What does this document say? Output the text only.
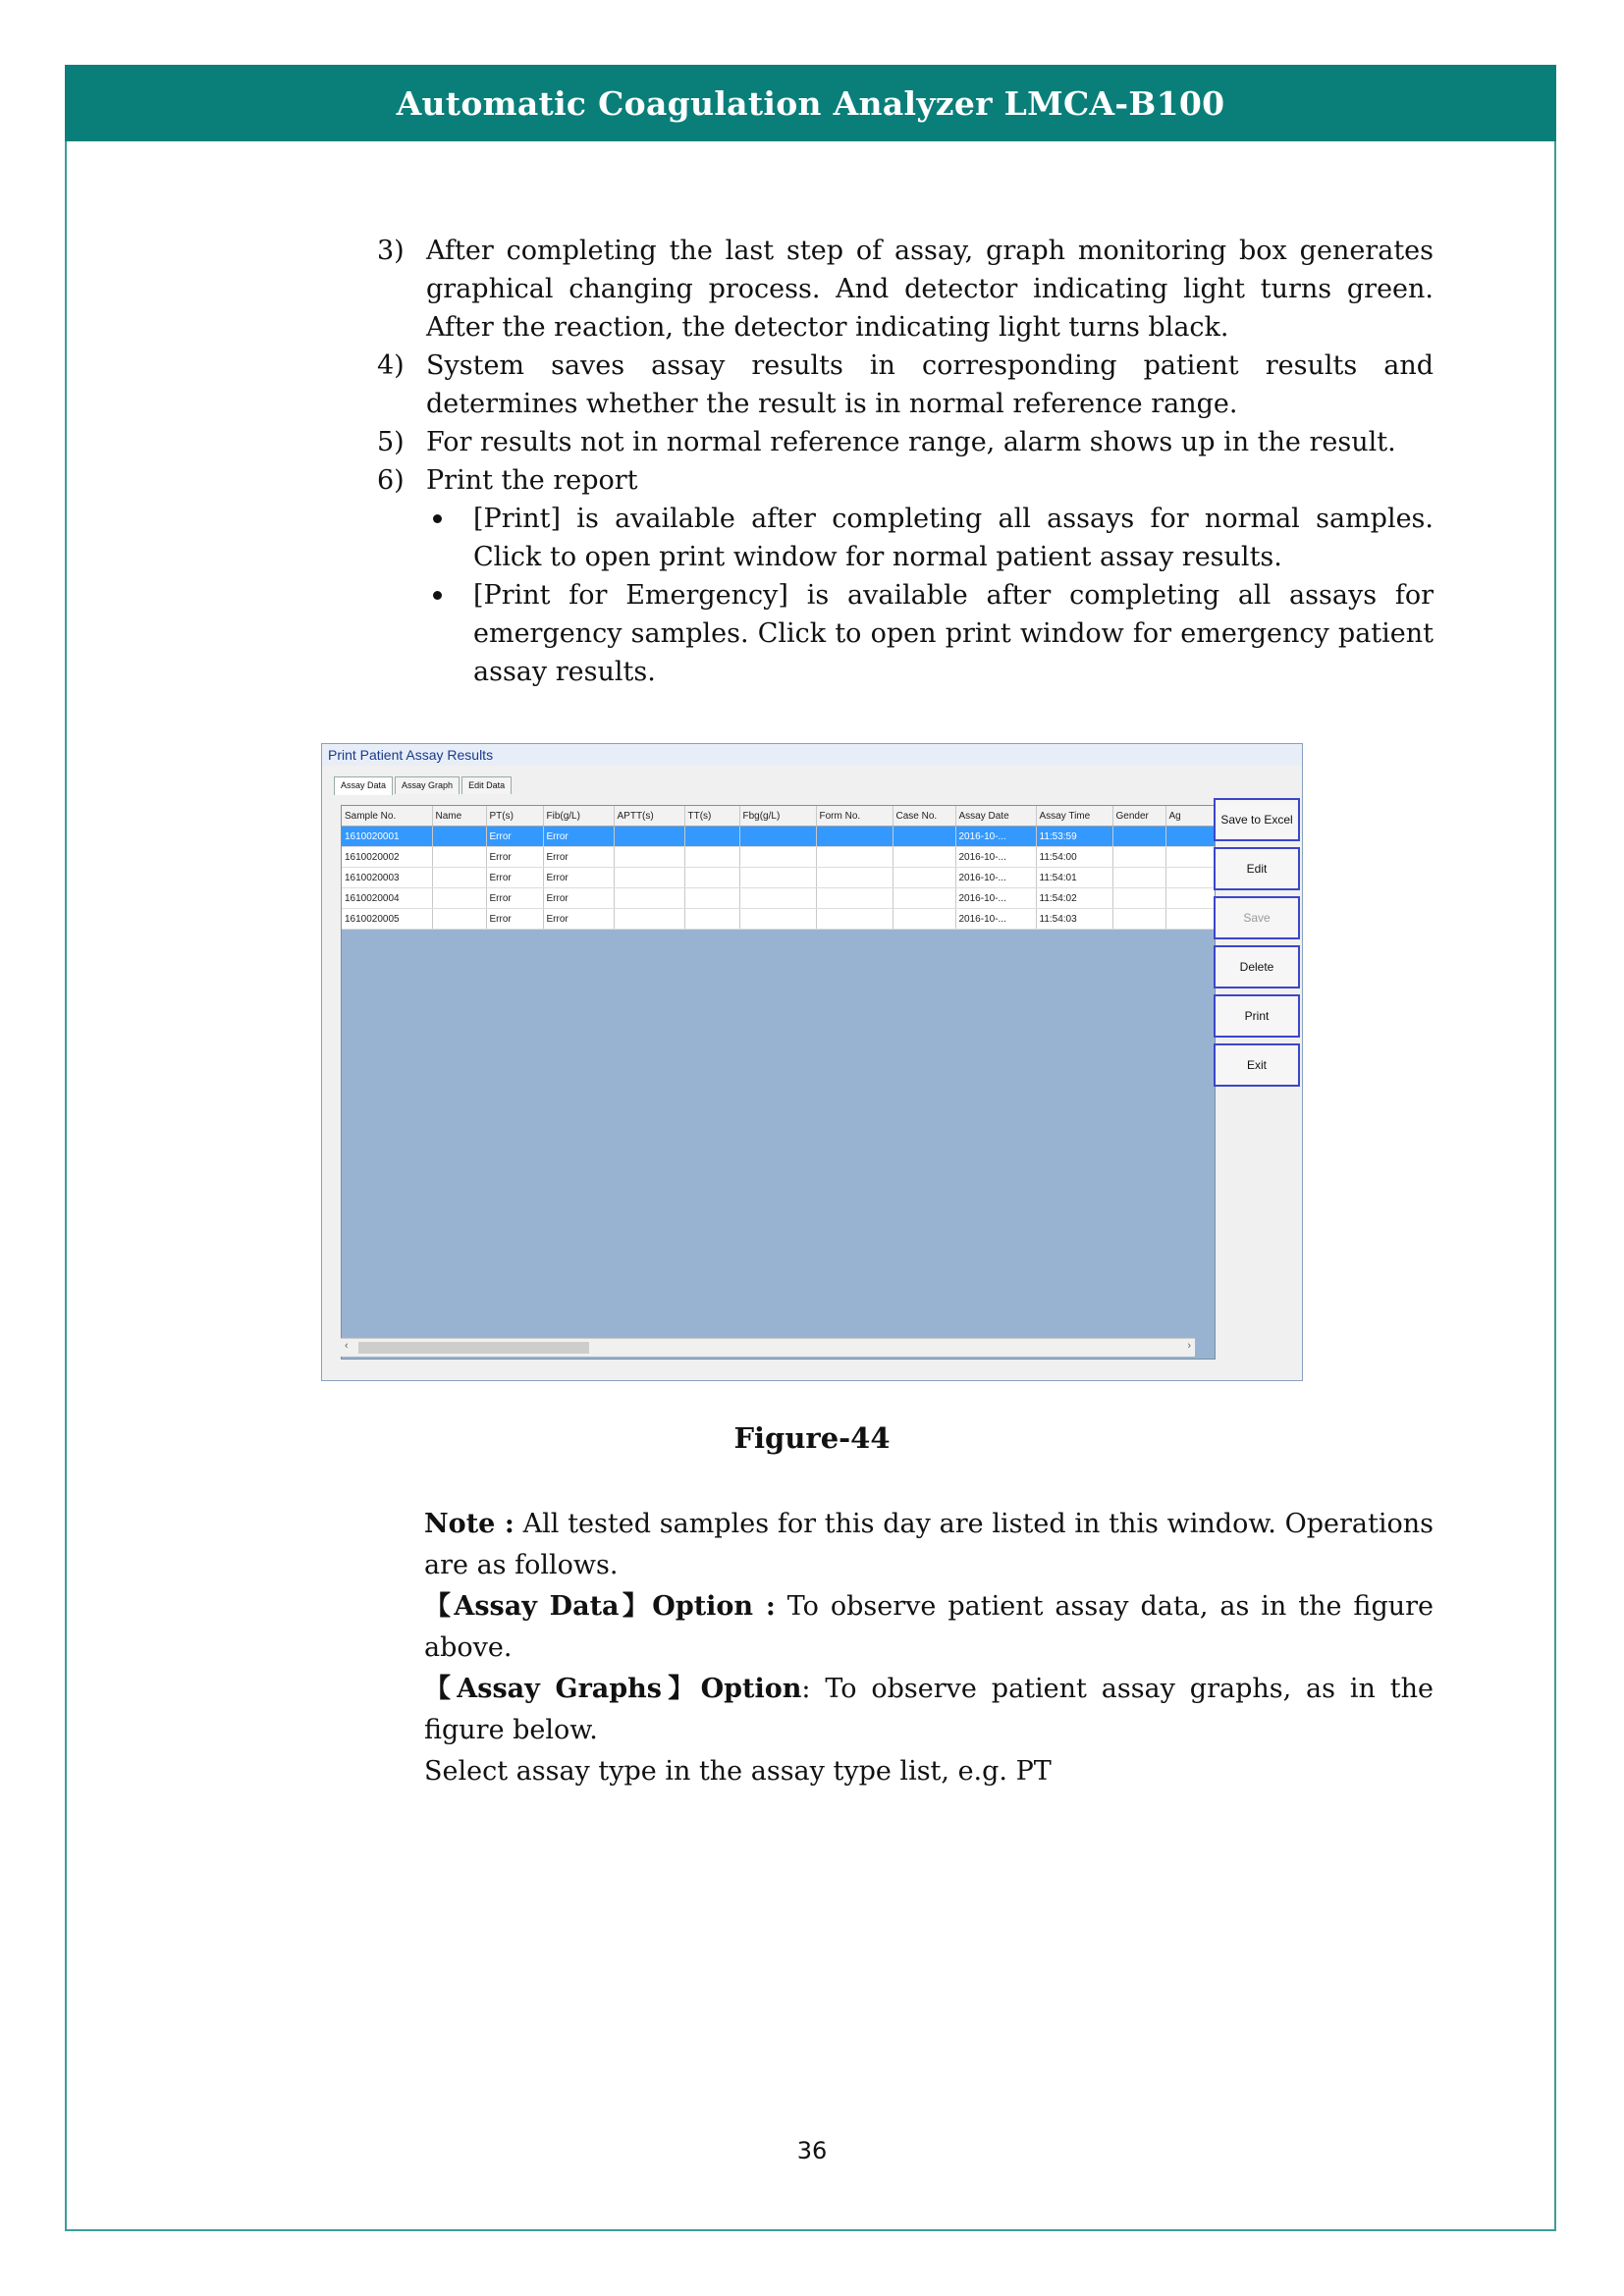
Automatic Coagulation Analyzer LMCA-B100
3) After completing the last step of assay, graph monitoring box generates graphical changing process. And detector indicating light turns green. After the reaction, the detector indicating light turns black.
4) System saves assay results in corresponding patient results and determines whether the result is in normal reference range.
5) For results not in normal reference range, alarm shows up in the result.
6) Print the report
[Print] is available after completing all assays for normal samples. Click to open print window for normal patient assay results.
[Print for Emergency] is available after completing all assays for emergency samples. Click to open print window for emergency patient assay results.
Print Patient Assay Results
Assay Data	Assay Graph	Edit Data
Sample No.	Name	PT(s)	Fib(g/L)	APTT(s)	TT(s)	Fbg(g/L)	Form No.	Case No.	Assay Date	Assay Time	Gender	Ag
1610020001		Error	Error						2016-10-...	11:53:59		
1610020002		Error	Error						2016-10-...	11:54:00		
1610020003		Error	Error						2016-10-...	11:54:01		
1610020004		Error	Error						2016-10-...	11:54:02		
1610020005		Error	Error						2016-10-...	11:54:03		
‹	›
Save to Excel
Edit
Save
Delete
Print
Exit
Figure-44
Note : All tested samples for this day are listed in this window. Operations are as follows.
【Assay Data】Option : To observe patient assay data, as in the figure above.
【Assay Graphs】Option: To observe patient assay graphs, as in the figure below.
Select assay type in the assay type list, e.g. PT
36
